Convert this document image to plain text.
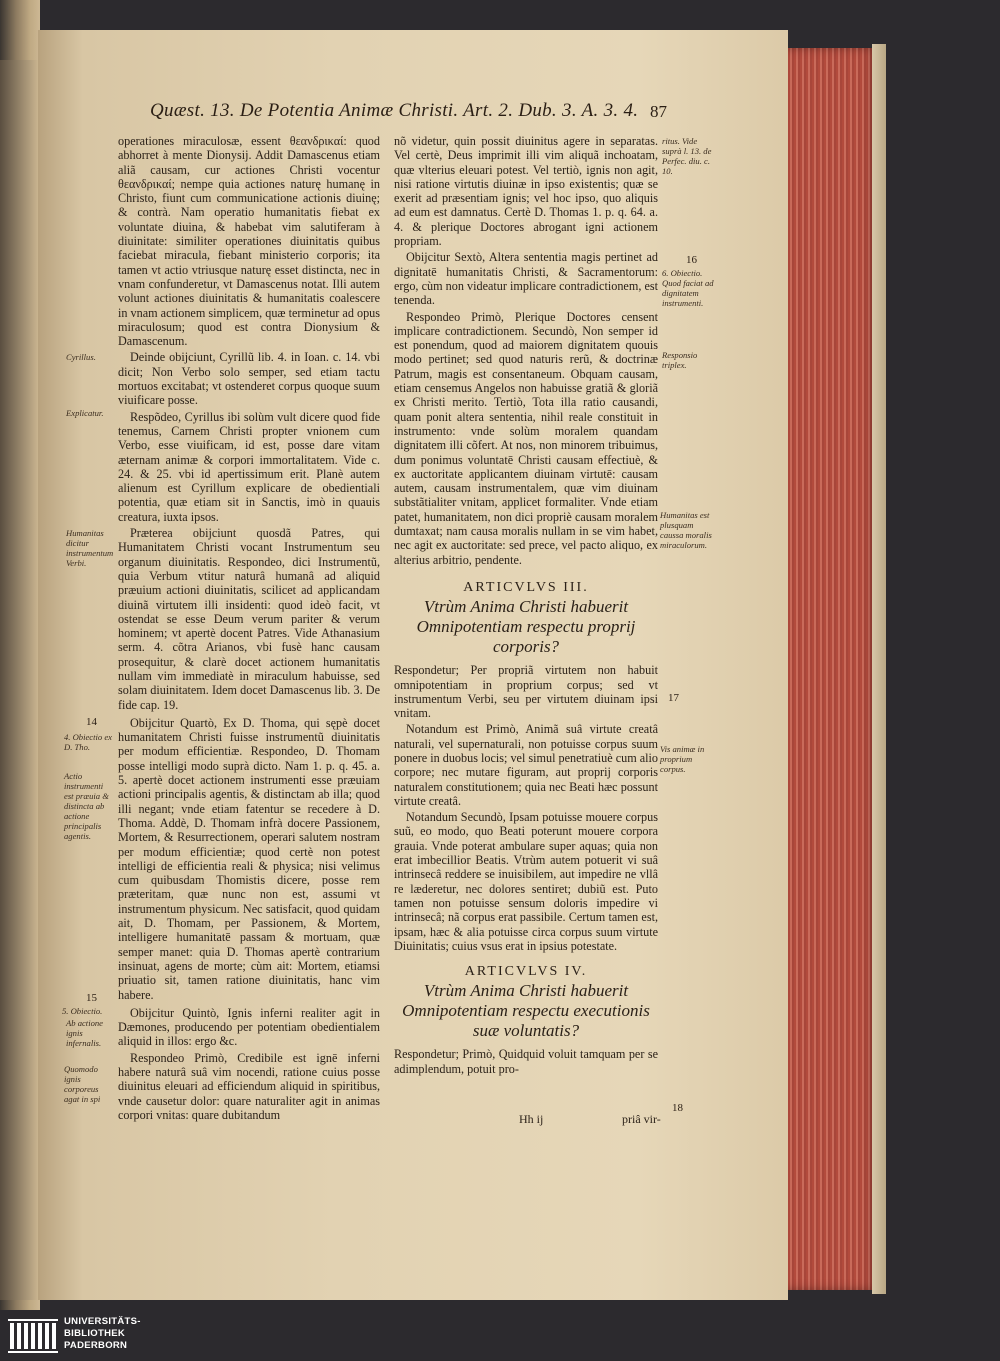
Quæst. 13. De Potentia Animæ Christi. Art. 2. Dub. 3. A. 3. 4. 87

operationes miraculosæ, essent θεανδρικαί: quod abhorret à mente Dionysij. Addit Damascenus etiam aliã causam, cur actiones Christi vocentur θεανδρικαί; nempe quia actiones naturę humanę in Christo, fiunt cum communicatione actionis diuinę; & contrà. Nam operatio humanitatis fiebat ex voluntate diuina, & habebat vim salutiferam à diuinitate: similiter operationes diuinitatis quibus faciebat miracula, fiebant ministerio corporis; ita tamen vt actio vtriusque naturę esset distincta, nec in vnam confunderetur, vt Damascenus notat. Illi autem volunt actiones diuinitatis & humanitatis coalescere in vnam actionem simplicem, quæ terminetur ad opus miraculosum; quod est contra Dionysium & Damascenum.

Deinde obijciunt, Cyrillũ lib. 4. in Ioan. c. 14. vbi dicit; Non Verbo solo semper, sed etiam tactu mortuos excitabat; vt ostenderet corpus quoque suum viuificare posse.

Respõdeo, Cyrillus ibi solùm vult dicere quod fide tenemus, Carnem Christi propter vnionem cum Verbo, esse viuificam, id est, posse dare vitam æternam animæ & corpori immortalitatem. Vide c. 24. & 25. vbi id apertissimum erit. Planè autem alienum est Cyrillum explicare de obedientiali potentia, quæ etiam sit in Sanctis, imò in quauis creatura, iuxta ipsos.

Præterea obijciunt quosdã Patres, qui Humanitatem Christi vocant Instrumentum seu organum diuinitatis. Respondeo, dici Instrumentũ, quia Verbum vtitur naturâ humanâ ad aliquid præuium actioni diuinitatis, scilicet ad applicandam diuinã virtutem illi insidenti: quod ideò facit, vt ostendat se esse Deum verum pariter & verum hominem; vt apertè docent Patres. Vide Athanasium serm. 4. cõtra Arianos, vbi fusè hanc causam prosequitur, & clarè docet actionem humanitatis nullam vim immediatè in miraculum habuisse, sed solam diuinitatem. Idem docet Damascenus lib. 3. De fide cap. 19.

Obijcitur Quartò, Ex D. Thoma, qui sępè docet humanitatem Christi fuisse instrumentũ diuinitatis per modum efficientiæ. Respondeo, D. Thomam posse intelligi modo suprà dicto. Nam 1. p. q. 45. a. 5. apertè docet actionem instrumenti esse præuiam actioni principalis agentis, & distinctam ab illa; quod illi negant; vnde etiam fatentur se recedere à D. Thoma. Addè, D. Thomam infrà docere Passionem, Mortem, & Resurrectionem, operari salutem nostram per modum efficientiæ; quod certè non potest intelligi de efficientia reali & physica; nisi velimus cum quibusdam Thomistis dicere, posse rem præteritam, quæ nunc non est, assumi vt instrumentum physicum. Nec satisfacit, quod quidam ait, D. Thomam, per Passionem, & Mortem, intelligere humanitatē passam & mortuam, quæ semper manet: quia D. Thomas apertè contrarium insinuat, agens de morte; cùm ait: Mortem, etiamsi priuatio sit, tamen ratione diuinitatis, hanc vim habere.

Obijcitur Quintò, Ignis inferni realiter agit in Dæmones, producendo per potentiam obedientialem aliquid in illos: ergo &c.

Respondeo Primò, Credibile est ignē inferni habere naturâ suâ vim nocendi, ratione cuius posse diuinitus eleuari ad efficiendum aliquid in spiritibus, vnde causetur dolor: quare naturaliter agit in animas corpori vnitas: quare dubitandum

nõ videtur, quin possit diuinitus agere in separatas. Vel certè, Deus imprimit illi vim aliquã inchoatam, quæ vlterius eleuari potest. Vel tertiò, ignis non agit, nisi ratione virtutis diuinæ in ipso existentis; quæ se exerit ad præsentiam ignis; vel hoc ipso, quo aliquis ad eum est damnatus. Certè D. Thomas 1. p. q. 64. a. 4. & plerique Doctores abrogant igni actionem propriam.

Obijcitur Sextò, Altera sententia magis pertinet ad dignitatē humanitatis Christi, & Sacramentorum: ergo, cùm non videatur implicare contradictionem, est tenenda.

Respondeo Primò, Plerique Doctores censent implicare contradictionem. Secundò, Non semper id est ponendum, quod ad maiorem dignitatem quouis modo pertinet; sed quod naturis rerũ, & doctrinæ Patrum, magis est consentaneum. Obquam causam, etiam censemus Angelos non habuisse gratiã & gloriã ex Christi merito. Tertiò, Tota illa ratio causandi, quam ponit altera sententia, nihil reale constituit in instrumento: vnde solùm moralem quandam dignitatem illi cõfert. At nos, non minorem tribuimus, dum ponimus voluntatē Christi causam effectiuè, & ex auctoritate applicantem diuinam virtutē: causam autem, causam instrumentalem, quæ vim diuinam substãtialiter vnitam, applicet formaliter. Vnde etiam patet, humanitatem, non dici propriè causam moralem dumtaxat; nam causa moralis nullam in se vim habet, nec agit ex auctoritate: sed prece, vel pacto aliquo, ex alterius arbitrio, pendente.

ARTICVLVS III.
Vtrùm Anima Christi habuerit Omnipotentiam respectu proprij corporis?

Respondetur; Per propriã virtutem non habuit omnipotentiam in proprium corpus; sed vt instrumentum Verbi, seu per virtutem diuinam ipsi vnitam.

Notandum est Primò, Animã suâ virtute creatâ naturali, vel supernaturali, non potuisse corpus suum ponere in duobus locis; vel simul penetratiuè cum alio corpore; nec mutare figuram, aut proprij corporis naturalem constitutionem; quia nec Beati hæc possunt virtute creatâ.

Notandum Secundò, Ipsam potuisse mouere corpus suũ, eo modo, quo Beati poterunt mouere corpora grauia. Vnde poterat ambulare super aquas; quia non erat imbecillior Beatis. Vtrùm autem potuerit vi suâ intrinsecâ reddere se inuisibilem, aut impedire ne vllâ re læderetur, nec dolores sentiret; dubiũ est. Puto tamen non potuisse sensum doloris impedire vi intrinsecâ; nã corpus erat passibile. Certum tamen est, ipsam, hæc & alia potuisse circa corpus suum virtute Diuinitatis; cuius vsus erat in ipsius potestate.

ARTICVLVS IV.
Vtrùm Anima Christi habuerit Omnipotentiam respectu executionis suæ voluntatis?

Respondetur; Primò, Quidquid voluit tamquam per se adimplendum, potuit pro-

Hh ij	priâ vir-
Cyrillus.
Explicatur.
Humanitas dicitur instrumentum Verbi.
14
4. Obiectio ex D. Tho.
Actio instrumenti est præuia & distincta ab actione principalis agentis.
15
5. Obiectio.
Ab actione ignis infernalis.
Quomodo ignis corporeus agat in spi
ritus. Vide suprà l. 13. de Perfec. diu. c. 10.
16
6. Obiectio. Quod faciat ad dignitatem instrumenti.
Responsio triplex.
Humanitas est plusquam caussa moralis miraculorum.
17
Vis animæ in proprium corpus.
18
UNIVERSITÄTS-
BIBLIOTHEK
PADERBORN
